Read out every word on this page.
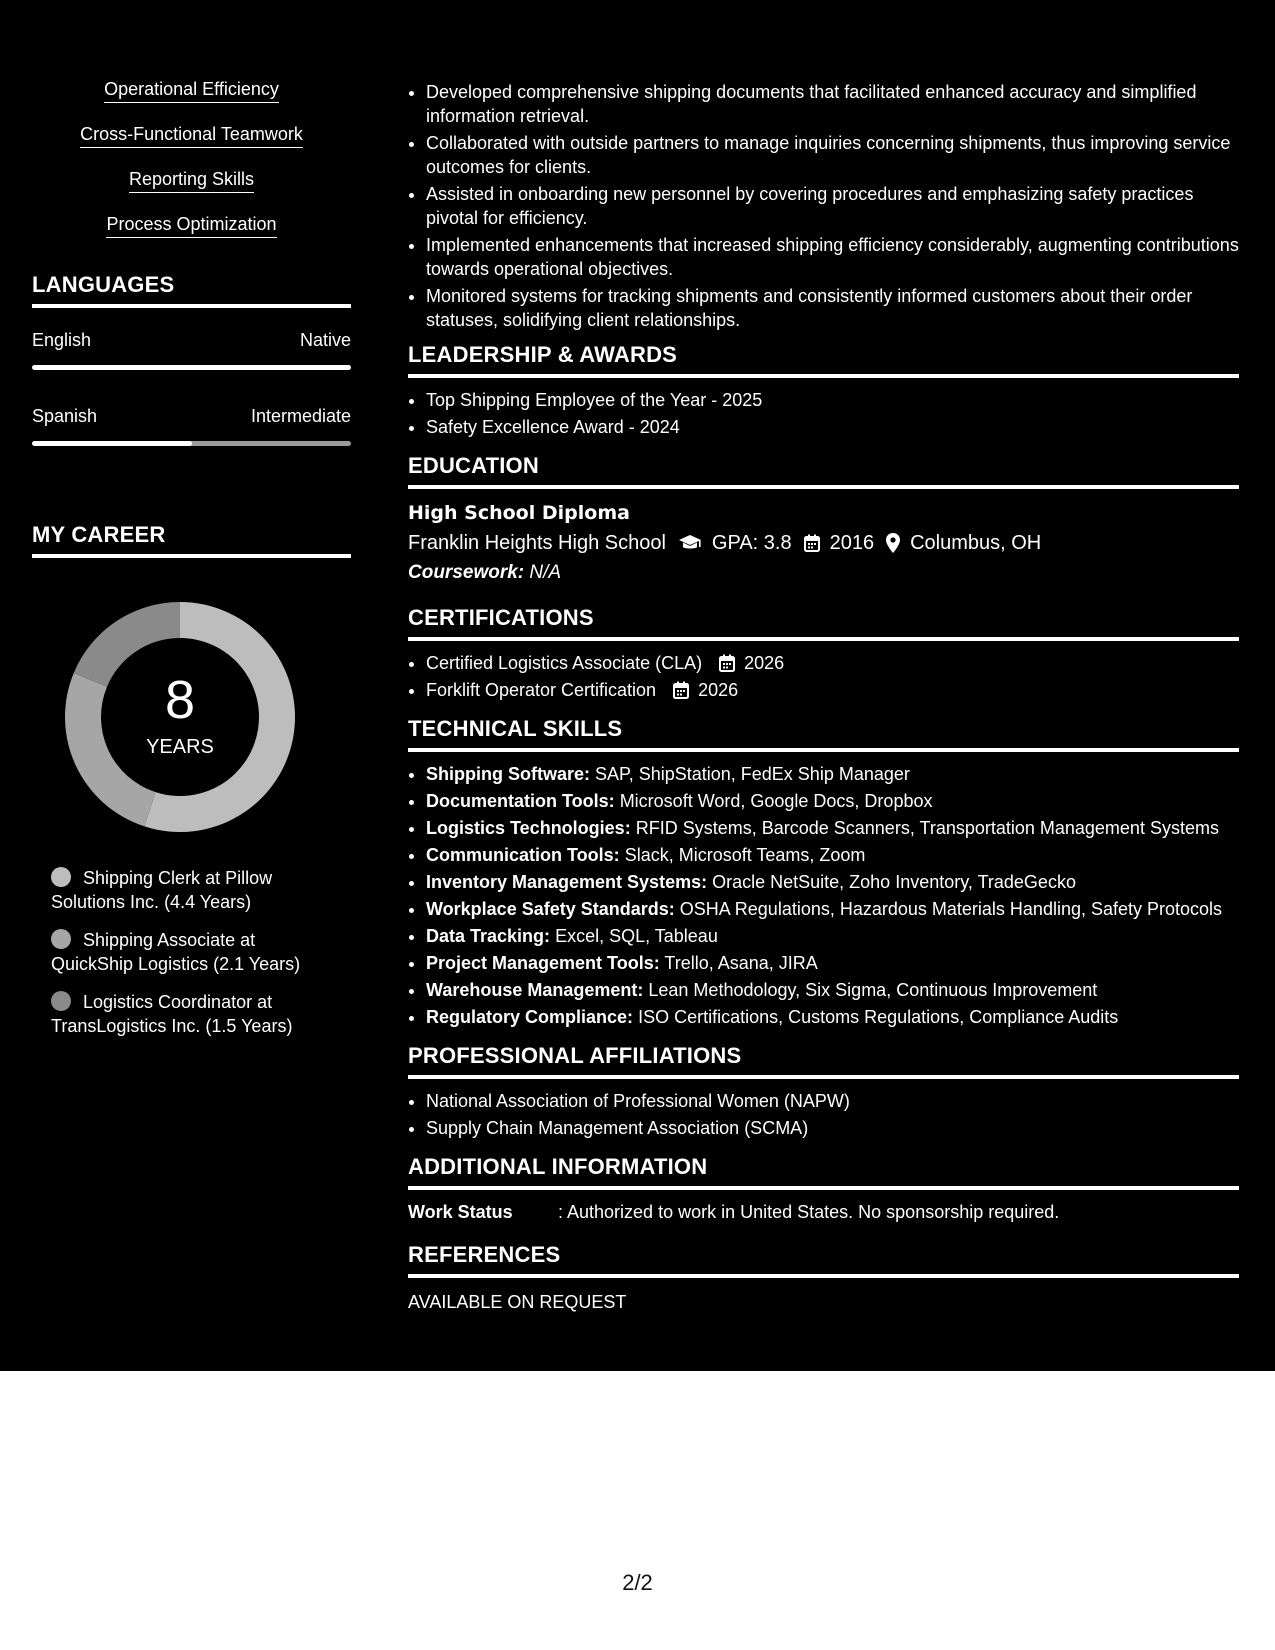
Operational Efficiency
Cross-Functional Teamwork
Reporting Skills
Process Optimization
LANGUAGES
English	Native
Spanish	Intermediate
MY CAREER
8
YEARS
Shipping Clerk at Pillow Solutions Inc. (4.4 Years)
Shipping Associate at QuickShip Logistics (2.1 Years)
Logistics Coordinator at TransLogistics Inc. (1.5 Years)
• Developed comprehensive shipping documents that facilitated enhanced accuracy and simplified information retrieval.
• Collaborated with outside partners to manage inquiries concerning shipments, thus improving service outcomes for clients.
• Assisted in onboarding new personnel by covering procedures and emphasizing safety practices pivotal for efficiency.
• Implemented enhancements that increased shipping efficiency considerably, augmenting contributions towards operational objectives.
• Monitored systems for tracking shipments and consistently informed customers about their order statuses, solidifying client relationships.
LEADERSHIP & AWARDS
• Top Shipping Employee of the Year - 2025
• Safety Excellence Award - 2024
EDUCATION
High School Diploma
Franklin Heights High School GPA: 3.8 2016 Columbus, OH
Coursework: N/A
CERTIFICATIONS
• Certified Logistics Associate (CLA) 2026
• Forklift Operator Certification 2026
TECHNICAL SKILLS
• Shipping Software: SAP, ShipStation, FedEx Ship Manager
• Documentation Tools: Microsoft Word, Google Docs, Dropbox
• Logistics Technologies: RFID Systems, Barcode Scanners, Transportation Management Systems
• Communication Tools: Slack, Microsoft Teams, Zoom
• Inventory Management Systems: Oracle NetSuite, Zoho Inventory, TradeGecko
• Workplace Safety Standards: OSHA Regulations, Hazardous Materials Handling, Safety Protocols
• Data Tracking: Excel, SQL, Tableau
• Project Management Tools: Trello, Asana, JIRA
• Warehouse Management: Lean Methodology, Six Sigma, Continuous Improvement
• Regulatory Compliance: ISO Certifications, Customs Regulations, Compliance Audits
PROFESSIONAL AFFILIATIONS
• National Association of Professional Women (NAPW)
• Supply Chain Management Association (SCMA)
ADDITIONAL INFORMATION
Work Status	: Authorized to work in United States. No sponsorship required.
REFERENCES
AVAILABLE ON REQUEST
2/2
